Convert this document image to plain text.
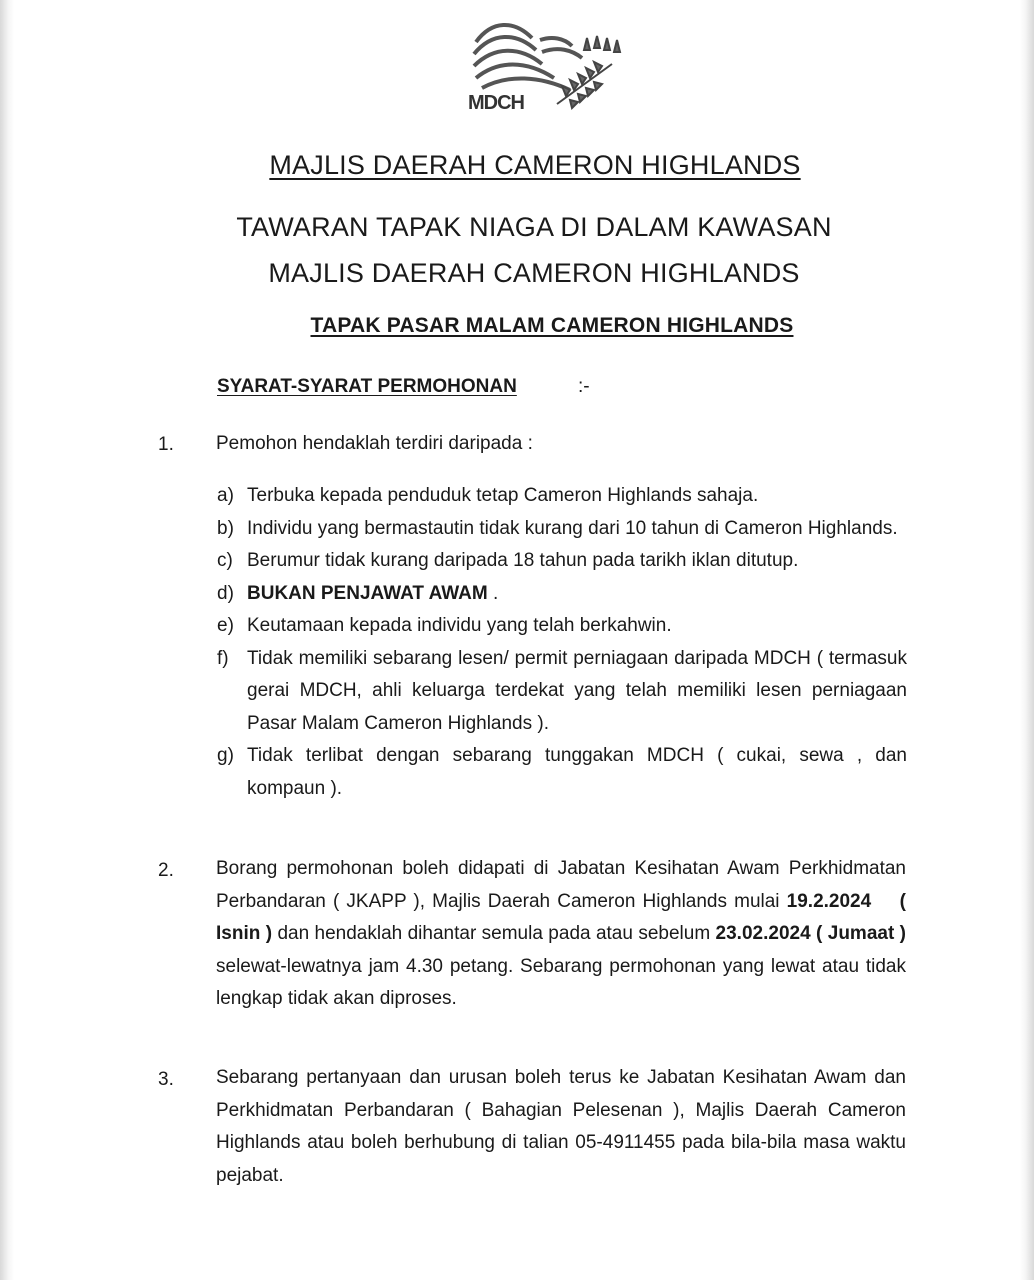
MDCH
MAJLIS DAERAH CAMERON HIGHLANDS
TAWARAN TAPAK NIAGA DI DALAM KAWASAN
MAJLIS DAERAH CAMERON HIGHLANDS
TAPAK PASAR MALAM CAMERON HIGHLANDS
SYARAT-SYARAT PERMOHONAN	:-
1. Pemohon hendaklah terdiri daripada :
a) Terbuka kepada penduduk tetap Cameron Highlands sahaja.
b) Individu yang bermastautin tidak kurang dari 10 tahun di Cameron Highlands.
c) Berumur tidak kurang daripada 18 tahun pada tarikh iklan ditutup.
d) BUKAN PENJAWAT AWAM .
e) Keutamaan kepada individu yang telah berkahwin.
f) Tidak memiliki sebarang lesen/ permit perniagaan daripada MDCH ( termasuk gerai MDCH, ahli keluarga terdekat yang telah memiliki lesen perniagaan Pasar Malam Cameron Highlands ).
g) Tidak terlibat dengan sebarang tunggakan MDCH ( cukai, sewa , dan kompaun ).
2. Borang permohonan boleh didapati di Jabatan Kesihatan Awam Perkhidmatan Perbandaran ( JKAPP ), Majlis Daerah Cameron Highlands mulai 19.2.2024 ( Isnin ) dan hendaklah dihantar semula pada atau sebelum 23.02.2024 ( Jumaat ) selewat-lewatnya jam 4.30 petang. Sebarang permohonan yang lewat atau tidak lengkap tidak akan diproses.
3. Sebarang pertanyaan dan urusan boleh terus ke Jabatan Kesihatan Awam dan Perkhidmatan Perbandaran ( Bahagian Pelesenan ), Majlis Daerah Cameron Highlands atau boleh berhubung di talian 05-4911455 pada bila-bila masa waktu pejabat.
